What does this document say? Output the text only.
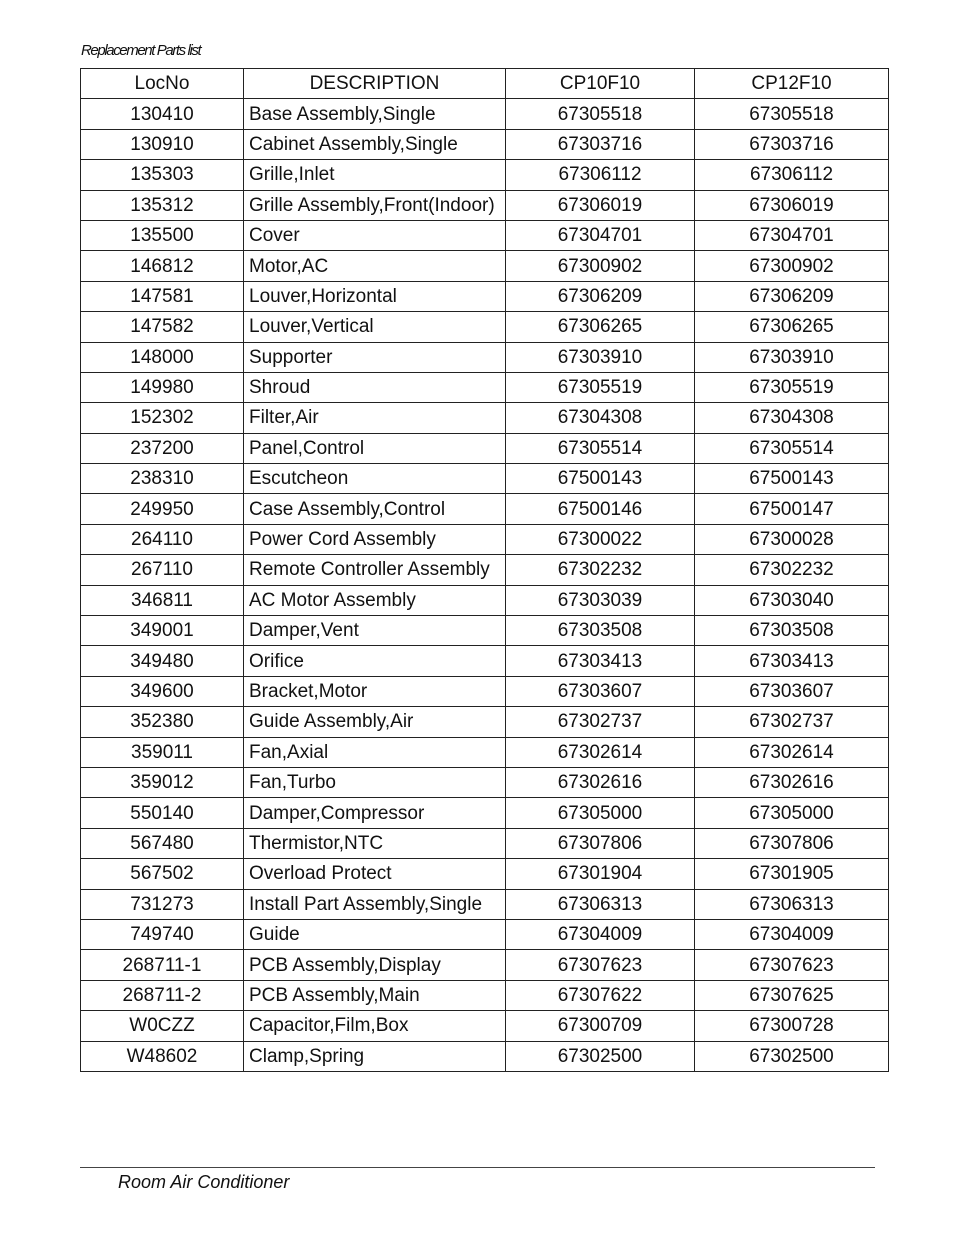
Replacement Parts list
LocNo	DESCRIPTION	CP10F10	CP12F10
130410	Base Assembly,Single	67305518	67305518
130910	Cabinet Assembly,Single	67303716	67303716
135303	Grille,Inlet	67306112	67306112
135312	Grille Assembly,Front(Indoor)	67306019	67306019
135500	Cover	67304701	67304701
146812	Motor,AC	67300902	67300902
147581	Louver,Horizontal	67306209	67306209
147582	Louver,Vertical	67306265	67306265
148000	Supporter	67303910	67303910
149980	Shroud	67305519	67305519
152302	Filter,Air	67304308	67304308
237200	Panel,Control	67305514	67305514
238310	Escutcheon	67500143	67500143
249950	Case Assembly,Control	67500146	67500147
264110	Power Cord Assembly	67300022	67300028
267110	Remote Controller Assembly	67302232	67302232
346811	AC Motor Assembly	67303039	67303040
349001	Damper,Vent	67303508	67303508
349480	Orifice	67303413	67303413
349600	Bracket,Motor	67303607	67303607
352380	Guide Assembly,Air	67302737	67302737
359011	Fan,Axial	67302614	67302614
359012	Fan,Turbo	67302616	67302616
550140	Damper,Compressor	67305000	67305000
567480	Thermistor,NTC	67307806	67307806
567502	Overload Protect	67301904	67301905
731273	Install Part Assembly,Single	67306313	67306313
749740	Guide	67304009	67304009
268711-1	PCB Assembly,Display	67307623	67307623
268711-2	PCB Assembly,Main	67307622	67307625
W0CZZ	Capacitor,Film,Box	67300709	67300728
W48602	Clamp,Spring	67302500	67302500
Room Air Conditioner
